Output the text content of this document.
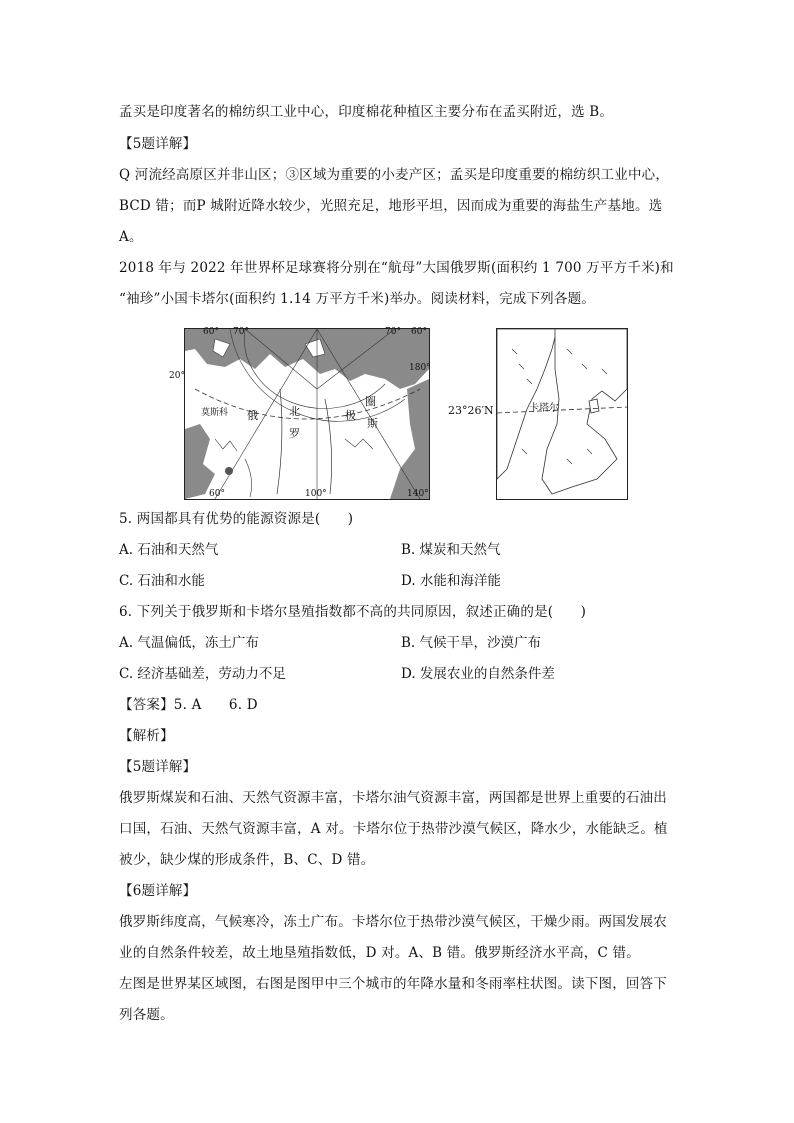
孟买是印度著名的棉纺织工业中心，印度棉花种植区主要分布在孟买附近，选 B。
【5题详解】
Q 河流经高原区并非山区；③区域为重要的小麦产区；孟买是印度重要的棉纺织工业中心，
BCD 错；而P 城附近降水较少，光照充足，地形平坦，因而成为重要的海盐生产基地。选
A。
2018 年与 2022 年世界杯足球赛将分别在“航母”大国俄罗斯(面积约 1 700 万平方千米)和
“袖珍”小国卡塔尔(面积约 1.14 万平方千米)举办。阅读材料，完成下列各题。
60° 70°	70° 60°
20°
180°
莫斯科 俄
罗
北	极
圈
斯
60°	100°	140°
卡塔尔
23°26′N
5. 两国都具有优势的能源资源是(　　)
A. 石油和天然气	B. 煤炭和天然气
C. 石油和水能	D. 水能和海洋能
6. 下列关于俄罗斯和卡塔尔垦殖指数都不高的共同原因，叙述正确的是(　　)
A. 气温偏低，冻土广布	B. 气候干旱，沙漠广布
C. 经济基础差，劳动力不足	D. 发展农业的自然条件差
【答案】5. A　　6. D
【解析】
【5题详解】
俄罗斯煤炭和石油、天然气资源丰富，卡塔尔油气资源丰富，两国都是世界上重要的石油出
口国，石油、天然气资源丰富，A 对。卡塔尔位于热带沙漠气候区，降水少，水能缺乏。植
被少，缺少煤的形成条件，B、C、D 错。
【6题详解】
俄罗斯纬度高，气候寒冷，冻土广布。卡塔尔位于热带沙漠气候区，干燥少雨。两国发展农
业的自然条件较差，故土地垦殖指数低，D 对。A、B 错。俄罗斯经济水平高，C 错。
左图是世界某区域图，右图是图甲中三个城市的年降水量和冬雨率柱状图。读下图，回答下
列各题。
